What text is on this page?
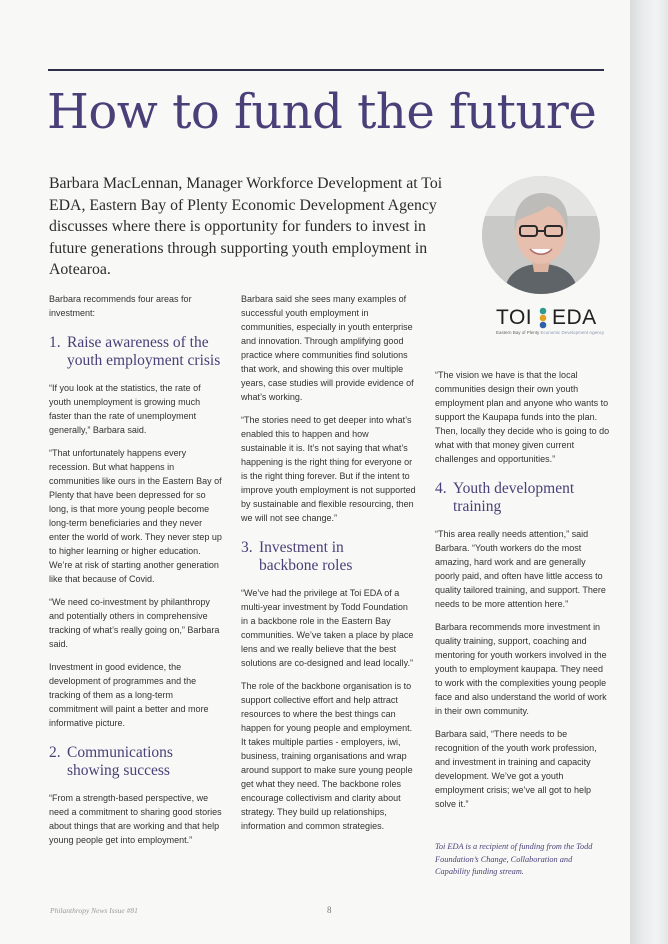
How to fund the future
Barbara MacLennan, Manager Workforce Development at Toi EDA, Eastern Bay of Plenty Economic Development Agency discusses where there is opportunity for funders to invest in future generations through supporting youth employment in Aotearoa.
TOI EDA
Eastern Bay of Plenty Economic Development Agency

Barbara recommends four areas for investment:

1. Raise awareness of the
youth employment crisis

“If you look at the statistics, the rate of youth unemployment is growing much faster than the rate of unemployment generally,” Barbara said.

“That unfortunately happens every recession. But what happens in communities like ours in the Eastern Bay of Plenty that have been depressed for so long, is that more young people become long-term beneficiaries and they never enter the world of work. They never step up to higher learning or higher education. We’re at risk of starting another generation like that because of Covid.

“We need co-investment by philanthropy and potentially others in comprehensive tracking of what’s really going on,” Barbara said.

Investment in good evidence, the development of programmes and the tracking of them as a long-term commitment will paint a better and more informative picture.

2. Communications
showing success

“From a strength-based perspective, we need a commitment to sharing good stories about things that are working and that help young people get into employment.”

Barbara said she sees many examples of successful youth employment in communities, especially in youth enterprise and innovation. Through amplifying good practice where communities find solutions that work, and showing this over multiple years, case studies will provide evidence of what’s working.

“The stories need to get deeper into what’s enabled this to happen and how sustainable it is. It’s not saying that what’s happening is the right thing for everyone or is the right thing forever. But if the intent to improve youth employment is not supported by sustainable and flexible resourcing, then we will not see change.”

3. Investment in
backbone roles

“We’ve had the privilege at Toi EDA of a multi-year investment by Todd Foundation in a backbone role in the Eastern Bay communities. We’ve taken a place by place lens and we really believe that the best solutions are co-designed and lead locally.”

The role of the backbone organisation is to support collective effort and help attract resources to where the best things can happen for young people and employment. It takes multiple parties - employers, iwi, business, training organisations and wrap around support to make sure young people get what they need. The backbone roles encourage collectivism and clarity about strategy. They build up relationships, information and common strategies.

“The vision we have is that the local communities design their own youth employment plan and anyone who wants to support the Kaupapa funds into the plan. Then, locally they decide who is going to do what with that money given current challenges and opportunities.”

4. Youth development
training

“This area really needs attention,” said Barbara. “Youth workers do the most amazing, hard work and are generally poorly paid, and often have little access to quality tailored training, and support. There needs to be more attention here.”

Barbara recommends more investment in quality training, support, coaching and mentoring for youth workers involved in the youth to employment kaupapa. They need to work with the complexities young people face and also understand the world of work in their own community.

Barbara said, “There needs to be recognition of the youth work profession, and investment in training and capacity development. We’ve got a youth employment crisis; we’ve all got to help solve it.”

Toi EDA is a recipient of funding from the Todd Foundation’s Change, Collaboration and Capability funding stream.
Philanthropy News Issue #81	8
